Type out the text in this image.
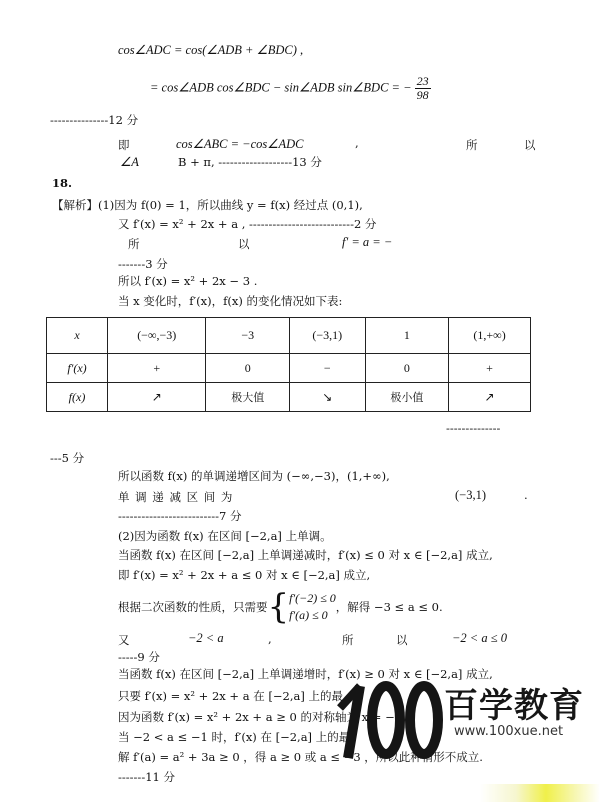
cos∠ADC = cos(∠ADB + ∠BDC) ,
= cos∠ADB cos∠BDC − sin∠ADB sin∠BDC = − $\frac{23}{98}$
---------------12 分
即	cos∠ABC = −cos∠ADC	,	所	以
∠A	B + π, -------------------13 分
18.
【解析】(1)因为 f(0) = 1，所以曲线 y = f(x) 经过点 (0,1),
又 f′(x) = x² + 2x + a , ---------------------------2 分
所	以	f′ = a = −
-------3 分
所以 f′(x) = x² + 2x − 3 .
当 x 变化时，f′(x)，f(x) 的变化情况如下表:
x	(−∞,−3)	−3	(−3,1)	1	(1,+∞)
f′(x)	+	0	−	0	+
f(x)	↗	极大值	↘	极小值	↗
--------------
---5 分
所以函数 f(x) 的单调递增区间为 (−∞,−3)，(1,+∞),
单 调 递 减 区 间 为	(−3,1)	.
--------------------------7 分
(2)因为函数 f(x) 在区间 [−2,a] 上单调。
当函数 f(x) 在区间 [−2,a] 上单调递减时，f′(x) ≤ 0 对 x ∈ [−2,a] 成立,
即 f′(x) = x² + 2x + a ≤ 0 对 x ∈ [−2,a] 成立,
根据二次函数的性质，只需要{ f′(−2) ≤ 0
f′(a) ≤ 0
，解得 −3 ≤ a ≤ 0.
又	−2 < a	,	所	以	−2 < a ≤ 0
-----9 分
当函数 f(x) 在区间 [−2,a] 上单调递增时，f′(x) ≥ 0 对 x ∈ [−2,a] 成立,
只要 f′(x) = x² + 2x + a 在 [−2,a] 上的最
因为函数 f′(x) = x² + 2x + a ≥ 0 的对称轴为 x = −1,
当 −2 < a ≤ −1 时，f′(x) 在 [−2,a] 上的最
解 f′(a) = a² + 3a ≥ 0 ，得 a ≥ 0 或 a ≤ −3 ，所以此种情形不成立.
-------11 分
百学教育
www.100xue.net
